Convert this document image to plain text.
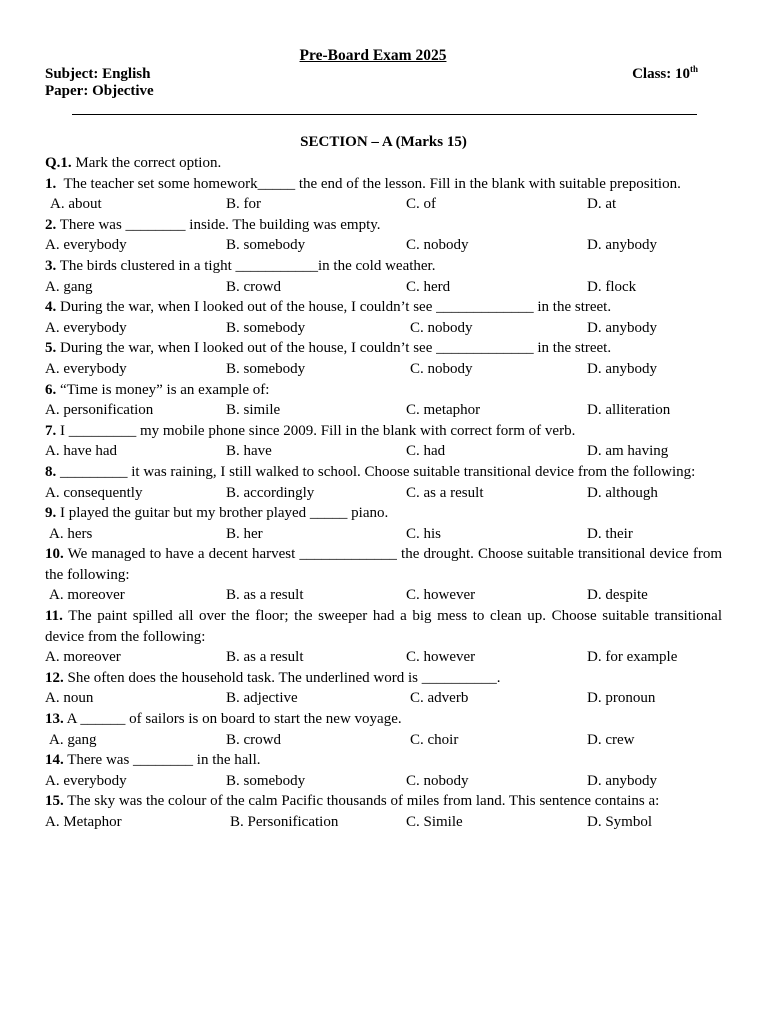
Pre-Board Exam 2025
Subject: English	Class: 10th
Paper: Objective
SECTION – A (Marks 15)
Q.1. Mark the correct option.
1.  The teacher set some homework_____ the end of the lesson. Fill in the blank with suitable preposition.
A. about	B. for	C. of	D. at
2. There was ________ inside. The building was empty.
A. everybody	B. somebody	C. nobody	D. anybody
3. The birds clustered in a tight ___________in the cold weather.
A. gang	B. crowd	C. herd	D. flock
4. During the war, when I looked out of the house, I couldn’t see _____________ in the street.
A. everybody	B. somebody	C. nobody	D. anybody
5. During the war, when I looked out of the house, I couldn’t see _____________ in the street.
A. everybody	B. somebody	C. nobody	D. anybody
6. “Time is money” is an example of:
A. personification	B. simile	C. metaphor	D. alliteration
7. I _________ my mobile phone since 2009. Fill in the blank with correct form of verb.
A. have had	B. have	C. had	D. am having
8. _________ it was raining, I still walked to school. Choose suitable transitional device from the following:
A. consequently	B. accordingly	C. as a result	D. although
9. I played the guitar but my brother played _____ piano.
A. hers	B. her	C. his	D. their
10. We managed to have a decent harvest _____________ the drought. Choose suitable transitional device from the following:
A. moreover	B. as a result	C. however	D. despite
11. The paint spilled all over the floor; the sweeper had a big mess to clean up. Choose suitable transitional device from the following:
A. moreover	B. as a result	C. however	D. for example
12. She often does the household task. The underlined word is __________.
A. noun	B. adjective	C. adverb	D. pronoun
13. A ______ of sailors is on board to start the new voyage.
A. gang	B. crowd	C. choir	D. crew
14. There was ________ in the hall.
A. everybody	B. somebody	C. nobody	D. anybody
15. The sky was the colour of the calm Pacific thousands of miles from land. This sentence contains a:
A. Metaphor	B. Personification	C. Simile	D. Symbol
